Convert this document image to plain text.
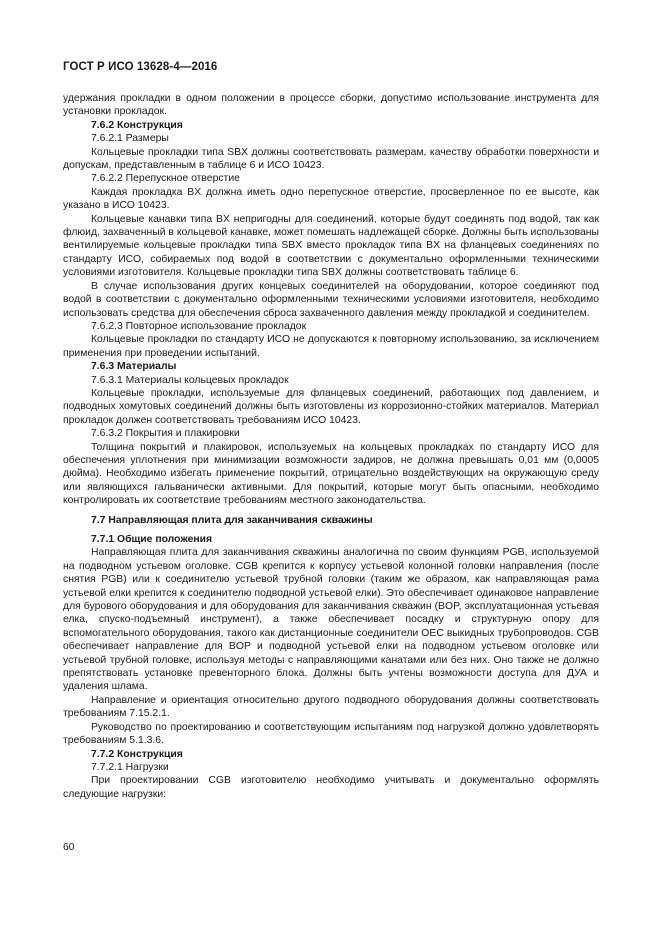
ГОСТ Р ИСО 13628-4—2016

удержания прокладки в одном положении в процессе сборки, допустимо использование инструмента для установки прокладок.

7.6.2 Конструкция

7.6.2.1 Размеры

Кольцевые прокладки типа SBX должны соответствовать размерам, качеству обработки поверхности и допускам, представленным в таблице 6 и ИСО 10423.

7.6.2.2 Перепускное отверстие

Каждая прокладка BX должна иметь одно перепускное отверстие, просверленное по ее высоте, как указано в ИСО 10423.

Кольцевые канавки типа BX непригодны для соединений, которые будут соединять под водой, так как флюид, захваченный в кольцевой канавке, может помешать надлежащей сборке. Должны быть использованы вентилируемые кольцевые прокладки типа SBX вместо прокладок типа BX на фланцевых соединениях по стандарту ИСО, собираемых под водой в соответствии с документально оформленными техническими условиями изготовителя. Кольцевые прокладки типа SBX должны соответствовать таблице 6.

В случае использования других концевых соединителей на оборудовании, которое соединяют под водой в соответствии с документально оформленными техническими условиями изготовителя, необходимо использовать средства для обеспечения сброса захваченного давления между прокладкой и соединителем.

7.6.2.3 Повторное использование прокладок

Кольцевые прокладки по стандарту ИСО не допускаются к повторному использованию, за исключением применения при проведении испытаний.

7.6.3 Материалы

7.6.3.1 Материалы кольцевых прокладок

Кольцевые прокладки, используемые для фланцевых соединений, работающих под давлением, и подводных хомутовых соединений должны быть изготовлены из коррозионно-стойких материалов. Материал прокладок должен соответствовать требованиям ИСО 10423.

7.6.3.2 Покрытия и плакировки

Толщина покрытий и плакировок, используемых на кольцевых прокладках по стандарту ИСО для обеспечения уплотнения при минимизации возможности задиров, не должна превышать 0,01 мм (0,0005 дюйма). Необходимо избегать применение покрытий, отрицательно воздействующих на окружающую среду или являющихся гальванически активными. Для покрытий, которые могут быть опасными, необходимо контролировать их соответствие требованиям местного законодательства.

7.7 Направляющая плита для заканчивания скважины

7.7.1 Общие положения

Направляющая плита для заканчивания скважины аналогична по своим функциям PGB, используемой на подводном устьевом оголовке. CGB крепится к корпусу устьевой колонной головки направления (после снятия PGB) или к соединителю устьевой трубной головки (таким же образом, как направляющая рама устьевой елки крепится к соединителю подводной устьевой елки). Это обеспечивает одинаковое направление для бурового оборудования и для оборудования для заканчивания скважин (BOP, эксплуатационная устьевая елка, спуско-подъемный инструмент), а также обеспечивает посадку и структурную опору для вспомогательного оборудования, такого как дистанционные соединители OEC выкидных трубопроводов. CGB обеспечивает направление для BOP и подводной устьевой елки на подводном устьевом оголовке или устьевой трубной головке, используя методы с направляющими канатами или без них. Оно также не должно препятствовать установке превенторного блока. Должны быть учтены возможности доступа для ДУА и удаления шлама.

Направление и ориентация относительно другого подводного оборудования должны соответствовать требованиям 7.15.2.1.

Руководство по проектированию и соответствующим испытаниям под нагрузкой должно удовлетворять требованиям 5.1.3.6.

7.7.2 Конструкция

7.7.2.1 Нагрузки

При проектировании CGB изготовителю необходимо учитывать и документально оформлять следующие нагрузки:

60
